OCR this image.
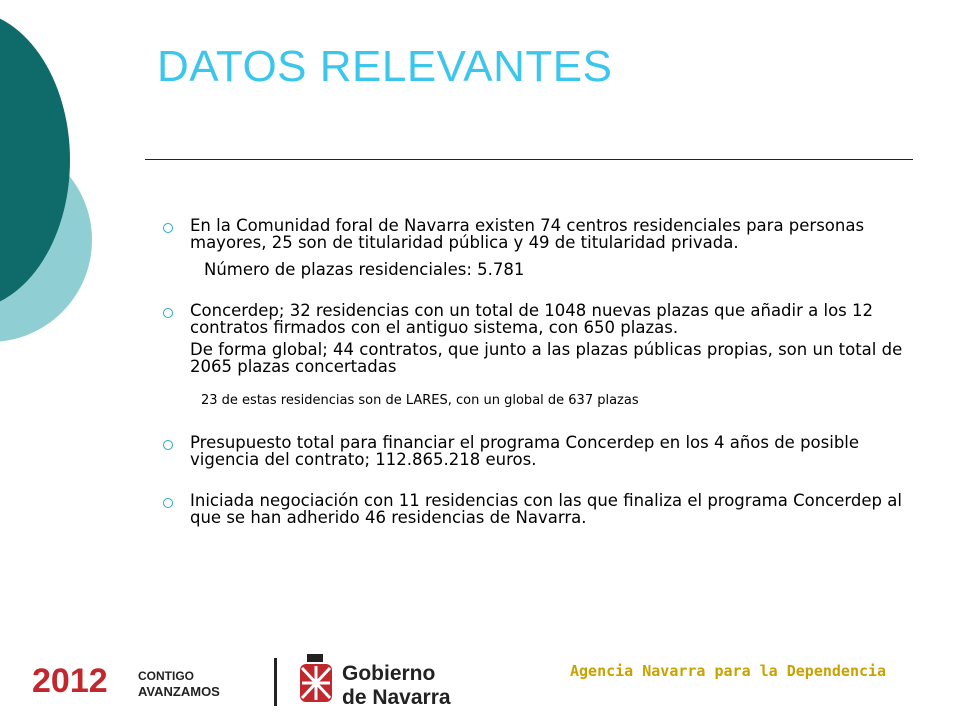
DATOS RELEVANTES

En la Comunidad foral de Navarra existen 74 centros residenciales para personas mayores, 25 son de titularidad pública y 49 de titularidad privada.

Número de plazas residenciales: 5.781

Concerdep; 32 residencias con un total de 1048 nuevas plazas que añadir a los 12 contratos firmados con el antiguo sistema, con 650 plazas.

De forma global; 44 contratos, que junto a las plazas públicas propias, son un total de 2065 plazas concertadas

23 de estas residencias son de LARES, con un global de 637 plazas

Presupuesto total para financiar el programa Concerdep en los 4 años de posible vigencia del contrato; 112.865.218 euros.

Iniciada negociación con 11 residencias con las que finaliza el programa Concerdep al que se han adherido 46 residencias de Navarra.

2012	CONTIGO
AVANZAMOS
Gobierno
de Navarra
Agencia Navarra para la Dependencia
